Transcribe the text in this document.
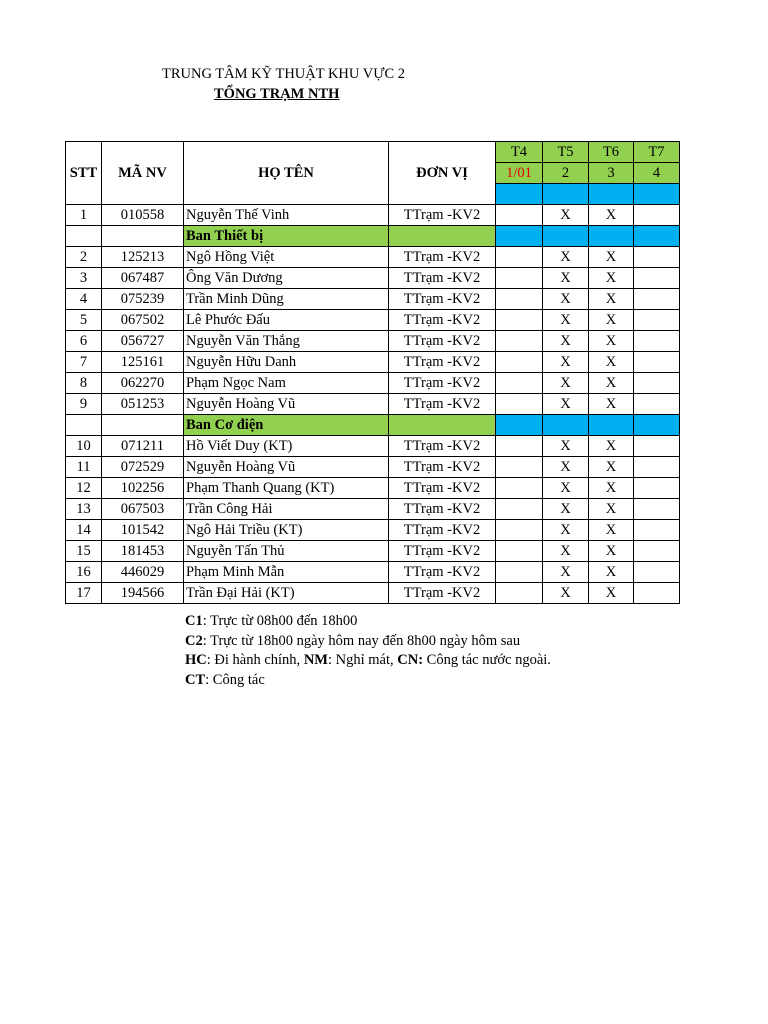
TRUNG TÂM KỸ THUẬT KHU VỰC 2
TỔNG TRẠM NTH
STT	MÃ NV	HỌ TÊN	ĐƠN VỊ	T4	T5	T6	T7
				1/01	2	3	4

1	010558	Nguyễn Thế Vinh	TTrạm -KV2		X	X	
		Ban Thiết bị					
2	125213	Ngô Hồng Việt	TTrạm -KV2		X	X	
3	067487	Ông Văn Dương	TTrạm -KV2		X	X	
4	075239	Trần Minh Dũng	TTrạm -KV2		X	X	
5	067502	Lê Phước Đấu	TTrạm -KV2		X	X	
6	056727	Nguyễn Văn Thắng	TTrạm -KV2		X	X	
7	125161	Nguyễn Hữu Danh	TTrạm -KV2		X	X	
8	062270	Phạm Ngọc Nam	TTrạm -KV2		X	X	
9	051253	Nguyễn Hoàng Vũ	TTrạm -KV2		X	X	
		Ban Cơ điện					
10	071211	Hồ Viết Duy (KT)	TTrạm -KV2		X	X	
11	072529	Nguyễn Hoàng Vũ	TTrạm -KV2		X	X	
12	102256	Phạm Thanh Quang (KT)	TTrạm -KV2		X	X	
13	067503	Trần Công Hải	TTrạm -KV2		X	X	
14	101542	Ngô Hải Triều (KT)	TTrạm -KV2		X	X	
15	181453	Nguyễn Tấn Thủ	TTrạm -KV2		X	X	
16	446029	Phạm Minh Mẫn	TTrạm -KV2		X	X	
17	194566	Trần Đại Hải (KT)	TTrạm -KV2		X	X	
C1: Trực từ 08h00 đến 18h00
C2: Trực từ 18h00 ngày hôm nay đến 8h00 ngày hôm sau
HC: Đi hành chính, NM: Nghỉ mát, CN: Công tác nước ngoài.
CT: Công tác
